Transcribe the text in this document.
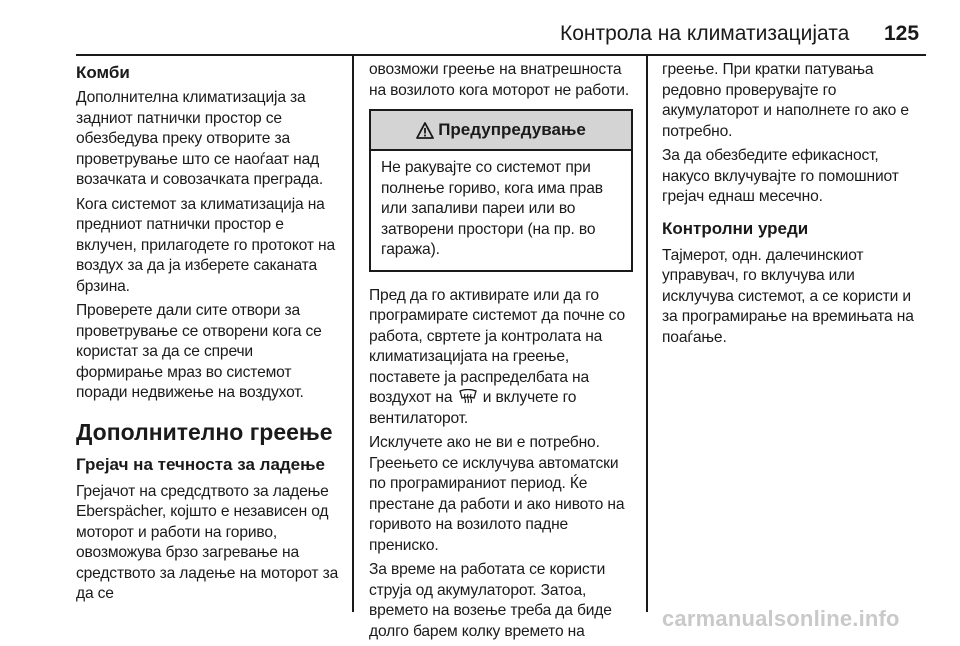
Контрола на климатизацијата 125
Комби

Дополнителна климатизација за задниот патнички простор се обезбедува преку отворите за проветрување што се наоѓаат над возачката и совозачката преграда.

Кога системот за климатизација на предниот патнички простор е вклучен, прилагодете го протокот на воздух за да ја изберете саканата брзина.

Проверете дали сите отвори за проветрување се отворени кога се користат за да се спречи формирање мраз во системот поради недвижење на воздухот.

Дополнително греење
Грејач на течноста за ладење

Грејачот на средсдтвото за ладење Eberspächer, којшто е независен од моторот и работи на гориво, овозможува брзо загревање на средството за ладење на моторот за да се

овозможи греење на внатрешноста на возилото кога моторот не работи.

Предупредување

Не ракувајте со системот при полнење гориво, кога има прав или запаливи пареи или во затворени простори (на пр. во гаража).

Пред да го активирате или да го програмирате системот да почне со работа, свртете ја контролата на климатизацијата на греење, поставете ја распределбата на воздухот на  и вклучете го вентилаторот.

Исклучете ако не ви е потребно. Греењето се исклучува автоматски по програмираниот период. Ќе престане да работи и ако нивото на горивото на возилото падне прениско.

За време на работата се користи струја од акумулаторот. Затоа, времето на возење треба да биде долго барем колку времето на

греење. При кратки патувања редовно проверувајте го акумулаторот и наполнете го ако е потребно.

За да обезбедите ефикасност, накусо вклучувајте го помошниот грејач еднаш месечно.

Контролни уреди

Тајмерот, одн. далечинскиот управувач, го вклучува или исклучува системот, а се користи и за програмирање на времињата на поаѓање.

carmanualsonline.info
